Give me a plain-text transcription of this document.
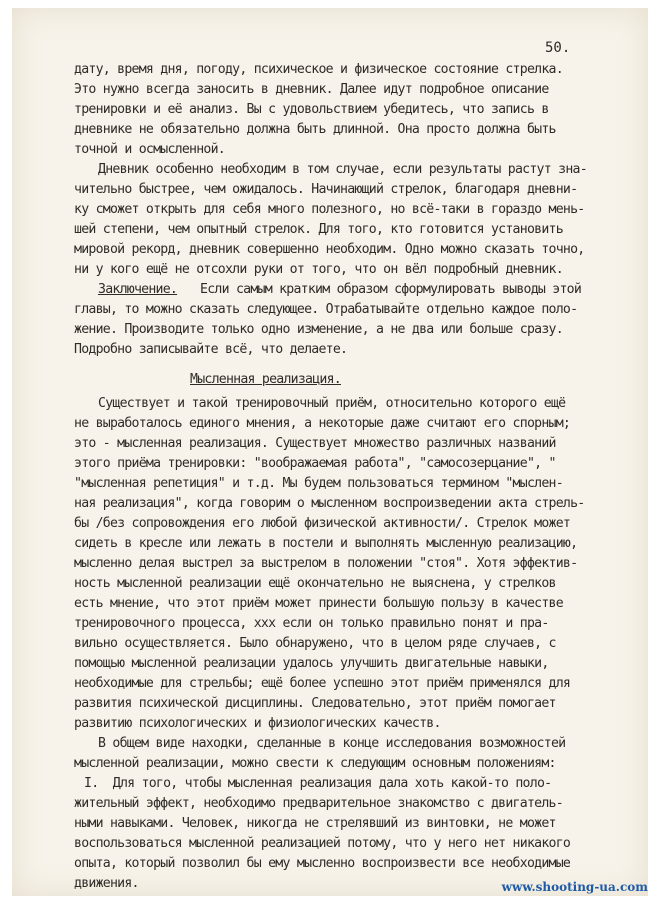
50.
дату, время дня, погоду, психическое и физическое состояние стрелка.
Это нужно всегда заносить в дневник. Далее идут подробное описание
тренировки и её анализ. Вы с удовольствием убедитесь, что запись в
дневнике не обязательно должна быть длинной. Она просто должна быть
точной и осмысленной.
Дневник особенно необходим в том случае, если результаты растут зна-
чительно быстрее, чем ожидалось. Начинающий стрелок, благодаря дневни-
ку сможет открыть для себя много полезного, но всё-таки в гораздо мень-
шей степени, чем опытный стрелок. Для того, кто готовится установить
мировой рекорд, дневник совершенно необходим. Одно можно сказать точно,
ни у кого ещё не отсохли руки от того, что он вёл подробный дневник.
Заключение. Если самым кратким образом сформулировать выводы этой
главы, то можно сказать следующее. Отрабатывайте отдельно каждое поло-
жение. Производите только одно изменение, а не два или больше сразу.
Подробно записывайте всё, что делаете.
Мысленная реализация.
Существует и такой тренировочный приём, относительно которого ещё
не выработалось единого мнения, а некоторые даже считают его спорным;
это - мысленная реализация. Существует множество различных названий
этого приёма тренировки: "воображаемая работа", "самосозерцание", "
"мысленная репетиция" и т.д. Мы будем пользоваться термином "мыслен-
ная реализация", когда говорим о мысленном воспроизведении акта стрель-
бы /без сопровождения его любой физической активности/. Стрелок может
сидеть в кресле или лежать в постели и выполнять мысленную реализацию,
мысленно делая выстрел за выстрелом в положении "стоя". Хотя эффектив-
ность мысленной реализации ещё окончательно не выяснена, у стрелков
есть мнение, что этот приём может принести большую пользу в качестве
тренировочного процесса, ххх если он только правильно понят и пра-
вильно осуществляется. Было обнаружено, что в целом ряде случаев, с
помощью мысленной реализации удалось улучшить двигательные навыки,
необходимые для стрельбы; ещё более успешно этот приём применялся для
развития психической дисциплины. Следовательно, этот приём помогает
развитию психологических и физиологических качеств.
В общем виде находки, сделанные в конце исследования возможностей
мысленной реализации, можно свести к следующим основным положениям:
I.  Для того, чтобы мысленная реализация дала хоть какой-то поло-
жительный эффект, необходимо предварительное знакомство с двигатель-
ными навыками. Человек, никогда не стрелявший из винтовки, не может
воспользоваться мысленной реализацией потому, что у него нет никакого
опыта, который позволил бы ему мысленно воспроизвести все необходимые
движения.	www.shooting-ua.com
